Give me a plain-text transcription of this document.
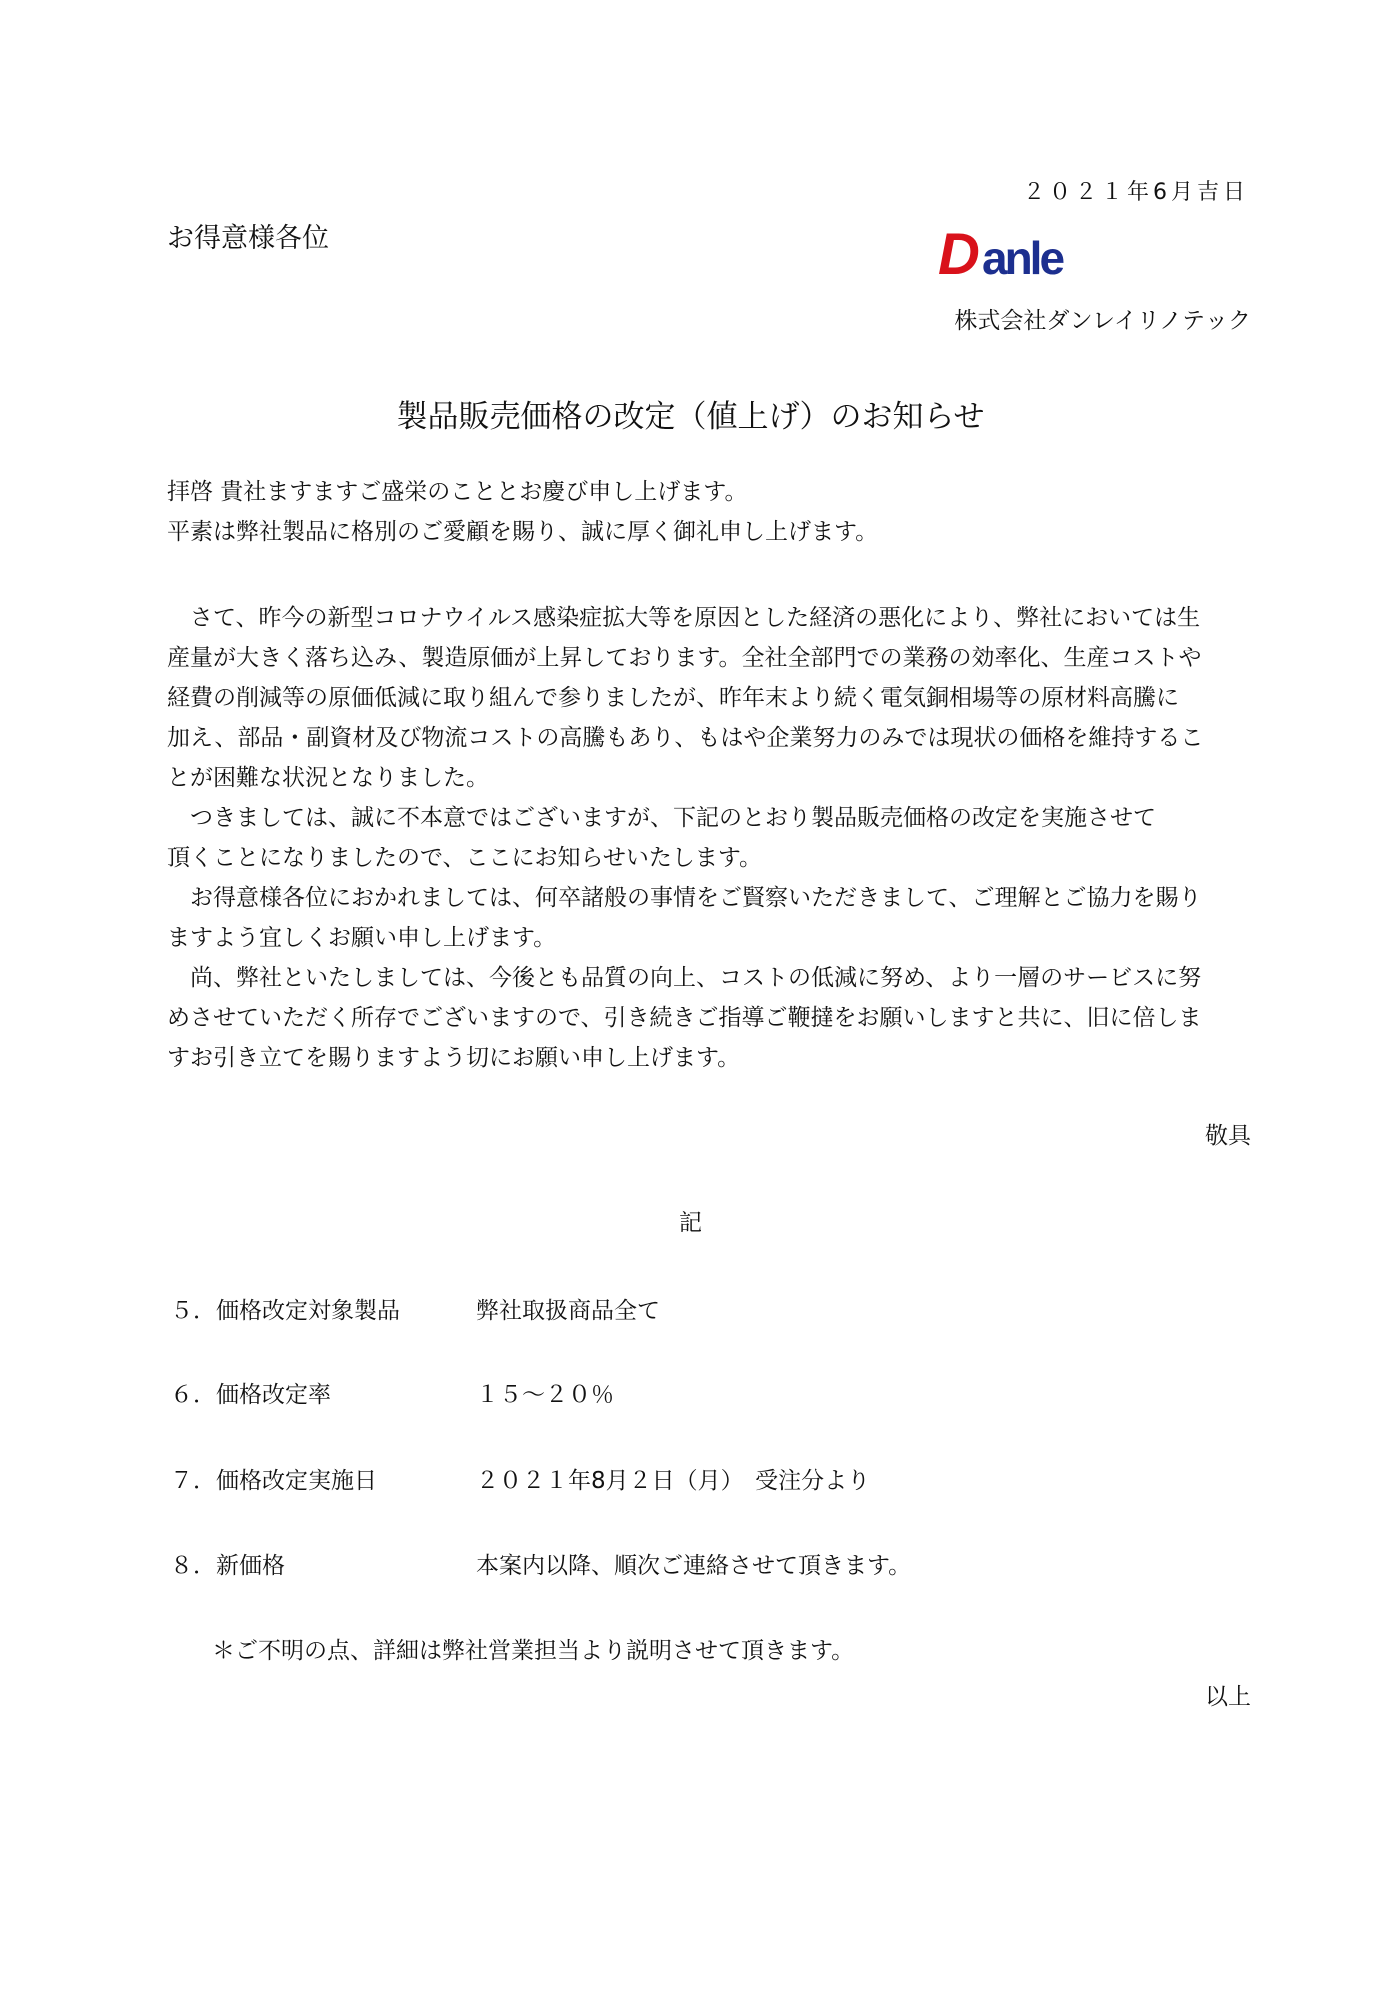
２０２１年6月吉日
お得意様各位	D anle
株式会社ダンレイリノテック
製品販売価格の改定（値上げ）のお知らせ
拝啓 貴社ますますご盛栄のこととお慶び申し上げます。
平素は弊社製品に格別のご愛顧を賜り、誠に厚く御礼申し上げます。
　さて、昨今の新型コロナウイルス感染症拡大等を原因とした経済の悪化により、弊社においては生
産量が大きく落ち込み、製造原価が上昇しております。全社全部門での業務の効率化、生産コストや
経費の削減等の原価低減に取り組んで参りましたが、昨年末より続く電気銅相場等の原材料高騰に
加え、部品・副資材及び物流コストの高騰もあり、もはや企業努力のみでは現状の価格を維持するこ
とが困難な状況となりました。
　つきましては、誠に不本意ではございますが、下記のとおり製品販売価格の改定を実施させて
頂くことになりましたので、ここにお知らせいたします。
　お得意様各位におかれましては、何卒諸般の事情をご賢察いただきまして、ご理解とご協力を賜り
ますよう宜しくお願い申し上げます。
　尚、弊社といたしましては、今後とも品質の向上、コストの低減に努め、より一層のサービスに努
めさせていただく所存でございますので、引き続きご指導ご鞭撻をお願いしますと共に、旧に倍しま
すお引き立てを賜りますよう切にお願い申し上げます。
敬具
記
５．価格改定対象製品	弊社取扱商品全て
６．価格改定率	１５～２０％
７．価格改定実施日	２０２１年8月２日（月）　受注分より
８．新価格	本案内以降、順次ご連絡させて頂きます。
＊ご不明の点、詳細は弊社営業担当より説明させて頂きます。
以上
